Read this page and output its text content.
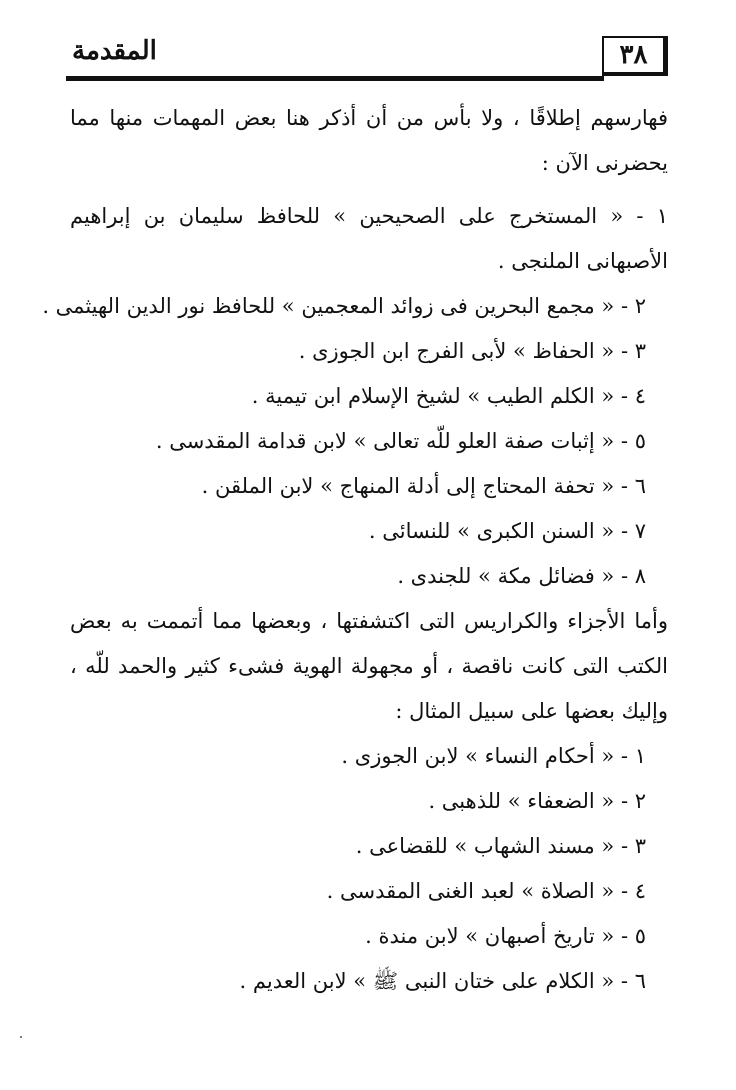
المقدمة	٣٨

فهارسهم إطلاقًا ، ولا بأس من أن أذكر هنا بعض المهمات منها مما يحضرنى الآن :

١ - « المستخرج على الصحيحين » للحافظ سليمان بن إبراهيم الأصبهانى الملنجى .
٢ - « مجمع البحرين فى زوائد المعجمين » للحافظ نور الدين الهيثمى .
٣ - « الحفاظ » لأبى الفرج ابن الجوزى .
٤ - « الكلم الطيب » لشيخ الإسلام ابن تيمية .
٥ - « إثبات صفة العلو للّه تعالى » لابن قدامة المقدسى .
٦ - « تحفة المحتاج إلى أدلة المنهاج » لابن الملقن .
٧ - « السنن الكبرى » للنسائى .
٨ - « فضائل مكة » للجندى .

وأما الأجزاء والكراريس التى اكتشفتها ، وبعضها مما أتممت به بعض الكتب التى كانت ناقصة ، أو مجهولة الهوية فشىء كثير والحمد للّه ، وإليك بعضها على سبيل المثال :

١ - « أحكام النساء » لابن الجوزى .
٢ - « الضعفاء » للذهبى .
٣ - « مسند الشهاب » للقضاعى .
٤ - « الصلاة » لعبد الغنى المقدسى .
٥ - « تاريخ أصبهان » لابن مندة .
٦ - « الكلام على ختان النبى ﷺ » لابن العديم .
